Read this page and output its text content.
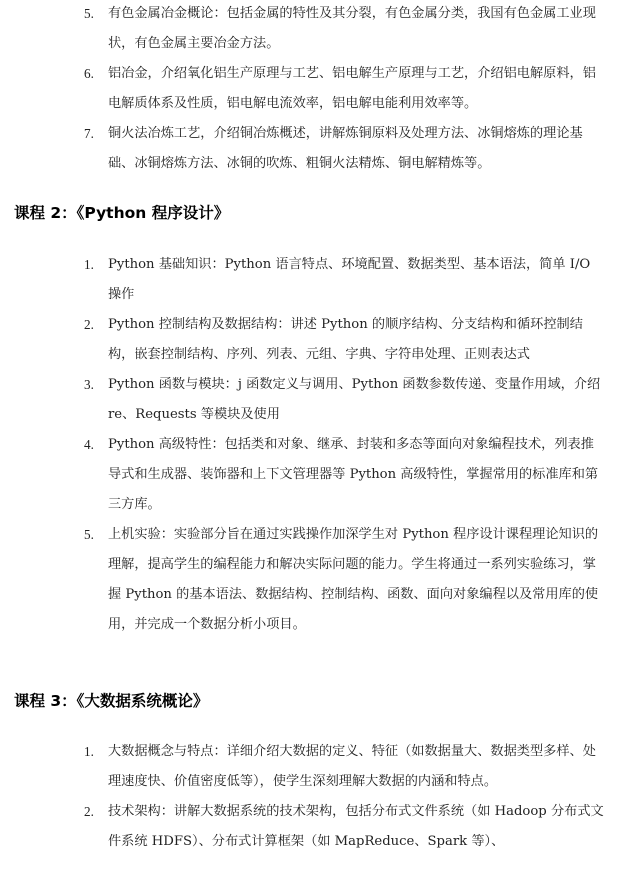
5.	有色金属冶金概论：包括金属的特性及其分裂，有色金属分类，我国有色金属工业现状，有色金属主要冶金方法。
6.	铝冶金，介绍氧化铝生产原理与工艺、铝电解生产原理与工艺，介绍铝电解原料，铝电解质体系及性质，铝电解电流效率，铝电解电能利用效率等。
7.	铜火法冶炼工艺，介绍铜冶炼概述，讲解炼铜原料及处理方法、冰铜熔炼的理论基础、冰铜熔炼方法、冰铜的吹炼、粗铜火法精炼、铜电解精炼等。
课程 2：《Python 程序设计》
1.	Python 基础知识：Python 语言特点、环境配置、数据类型、基本语法，简单 I/O 操作
2.	Python 控制结构及数据结构：讲述 Python 的顺序结构、分支结构和循环控制结构，嵌套控制结构、序列、列表、元组、字典、字符串处理、正则表达式
3.	Python 函数与模块：j 函数定义与调用、Python 函数参数传递、变量作用域，介绍 re、Requests 等模块及使用
4.	Python 高级特性：包括类和对象、继承、封装和多态等面向对象编程技术，列表推导式和生成器、装饰器和上下文管理器等 Python 高级特性，掌握常用的标准库和第三方库。
5.	上机实验：实验部分旨在通过实践操作加深学生对 Python 程序设计课程理论知识的理解，提高学生的编程能力和解决实际问题的能力。学生将通过一系列实验练习，掌握 Python 的基本语法、数据结构、控制结构、函数、面向对象编程以及常用库的使用，并完成一个数据分析小项目。
课程 3：《大数据系统概论》
1.	大数据概念与特点：详细介绍大数据的定义、特征（如数据量大、数据类型多样、处理速度快、价值密度低等），使学生深刻理解大数据的内涵和特点。
2.	技术架构：讲解大数据系统的技术架构，包括分布式文件系统（如 Hadoop 分布式文件系统 HDFS）、分布式计算框架（如 MapReduce、Spark 等）、
